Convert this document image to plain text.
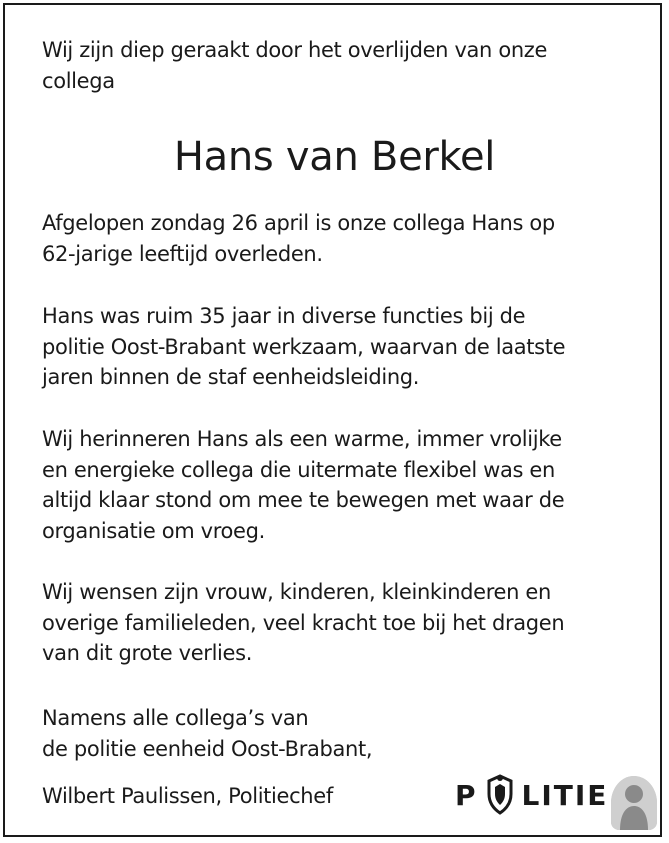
Wij zijn diep geraakt door het overlijden van onze
collega

Hans van Berkel

Afgelopen zondag 26 april is onze collega Hans op
62-jarige leeftijd overleden.

Hans was ruim 35 jaar in diverse functies bij de
politie Oost-Brabant werkzaam, waarvan de laatste
jaren binnen de staf eenheidsleiding.

Wij herinneren Hans als een warme, immer vrolijke
en energieke collega die uitermate flexibel was en
altijd klaar stond om mee te bewegen met waar de
organisatie om vroeg.

Wij wensen zijn vrouw, kinderen, kleinkinderen en
overige familieleden, veel kracht toe bij het dragen
van dit grote verlies.

Namens alle collega’s van
de politie eenheid Oost-Brabant,

Wilbert Paulissen, Politiechef	P LITIE
